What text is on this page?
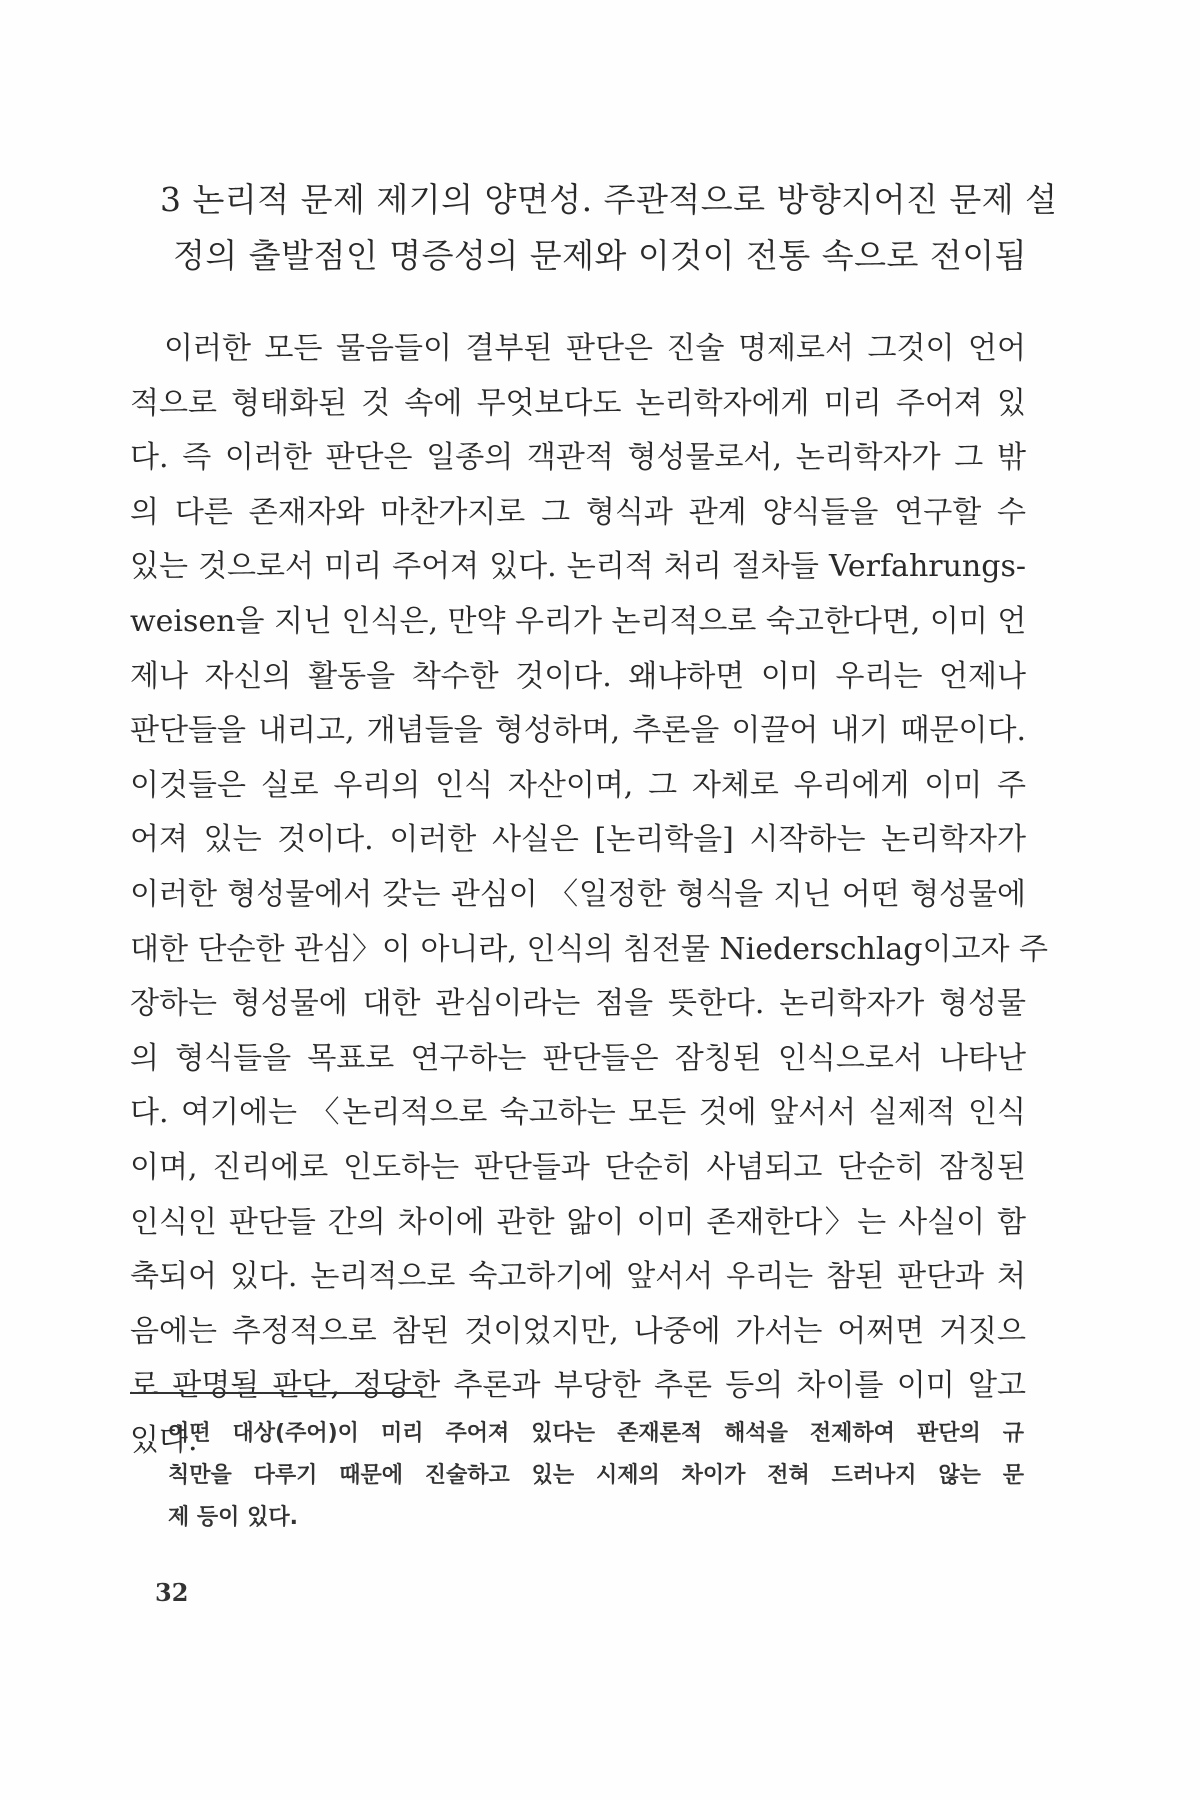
3 논리적 문제 제기의 양면성. 주관적으로 방향지어진 문제 설
정의 출발점인 명증성의 문제와 이것이 전통 속으로 전이됨
이러한 모든 물음들이 결부된 판단은 진술 명제로서 그것이 언어
적으로 형태화된 것 속에 무엇보다도 논리학자에게 미리 주어져 있
다. 즉 이러한 판단은 일종의 객관적 형성물로서, 논리학자가 그 밖
의 다른 존재자와 마찬가지로 그 형식과 관계 양식들을 연구할 수
있는 것으로서 미리 주어져 있다. 논리적 처리 절차들 Verfahrungs-
weisen을 지닌 인식은, 만약 우리가 논리적으로 숙고한다면, 이미 언
제나 자신의 활동을 착수한 것이다. 왜냐하면 이미 우리는 언제나
판단들을 내리고, 개념들을 형성하며, 추론을 이끌어 내기 때문이다.
이것들은 실로 우리의 인식 자산이며, 그 자체로 우리에게 이미 주
어져 있는 것이다. 이러한 사실은 [논리학을] 시작하는 논리학자가
이러한 형성물에서 갖는 관심이 〈일정한 형식을 지닌 어떤 형성물에
대한 단순한 관심〉이 아니라, 인식의 침전물 Niederschlag이고자 주
장하는 형성물에 대한 관심이라는 점을 뜻한다. 논리학자가 형성물
의 형식들을 목표로 연구하는 판단들은 잠칭된 인식으로서 나타난
다. 여기에는 〈논리적으로 숙고하는 모든 것에 앞서서 실제적 인식
이며, 진리에로 인도하는 판단들과 단순히 사념되고 단순히 잠칭된
인식인 판단들 간의 차이에 관한 앎이 이미 존재한다〉는 사실이 함
축되어 있다. 논리적으로 숙고하기에 앞서서 우리는 참된 판단과 처
음에는 추정적으로 참된 것이었지만, 나중에 가서는 어쩌면 거짓으
로 판명될 판단, 정당한 추론과 부당한 추론 등의 차이를 이미 알고
있다.
어떤 대상(주어)이 미리 주어져 있다는 존재론적 해석을 전제하여 판단의 규
칙만을 다루기 때문에 진술하고 있는 시제의 차이가 전혀 드러나지 않는 문
제 등이 있다.
32
